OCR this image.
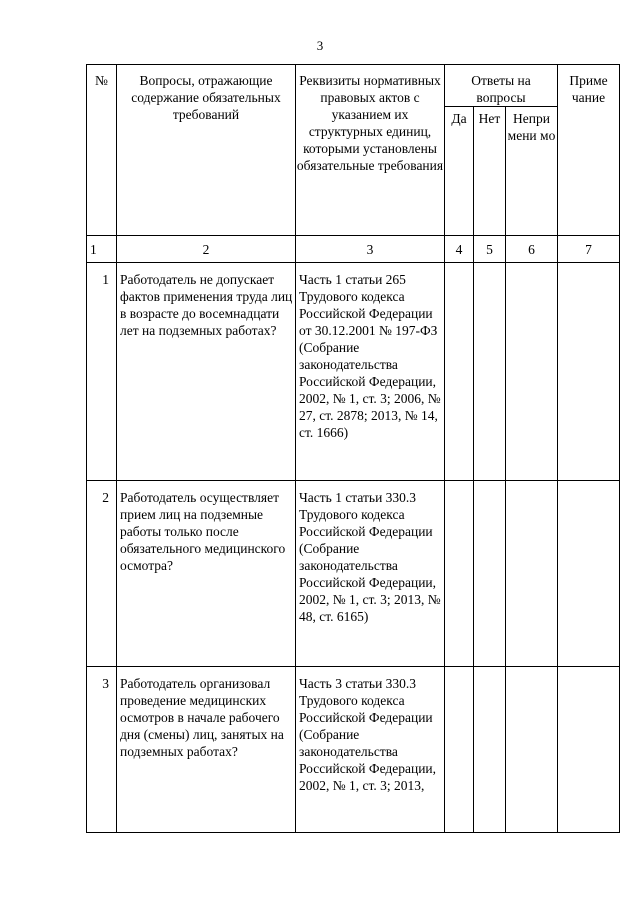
3
№	Вопросы, отражающие содержание обязательных требований	Реквизиты нормативных правовых актов с указанием их структурных единиц, которыми установлены обязательные требования	Ответы на вопросы			Приме чание
			Да	Нет	Непри мени мо	
1	2	3	4	5	6	7
1	Работодатель не допускает фактов применения труда лиц в возрасте до восемнадцати лет на подземных работах?	Часть 1 статьи 265 Трудового кодекса Российской Федерации от 30.12.2001 № 197-ФЗ (Собрание законодательства Российской Федерации, 2002, № 1, ст. 3; 2006, № 27, ст. 2878; 2013, № 14, ст. 1666)				
2	Работодатель осуществляет прием лиц на подземные работы только после обязательного медицинского осмотра?	Часть 1 статьи 330.3 Трудового кодекса Российской Федерации (Собрание законодательства Российской Федерации, 2002, № 1, ст. 3; 2013, № 48, ст. 6165)				
3	Работодатель организовал проведение медицинских осмотров в начале рабочего дня (смены) лиц, занятых на подземных работах?	Часть 3 статьи 330.3 Трудового кодекса Российской Федерации (Собрание законодательства Российской Федерации, 2002, № 1, ст. 3; 2013,				
